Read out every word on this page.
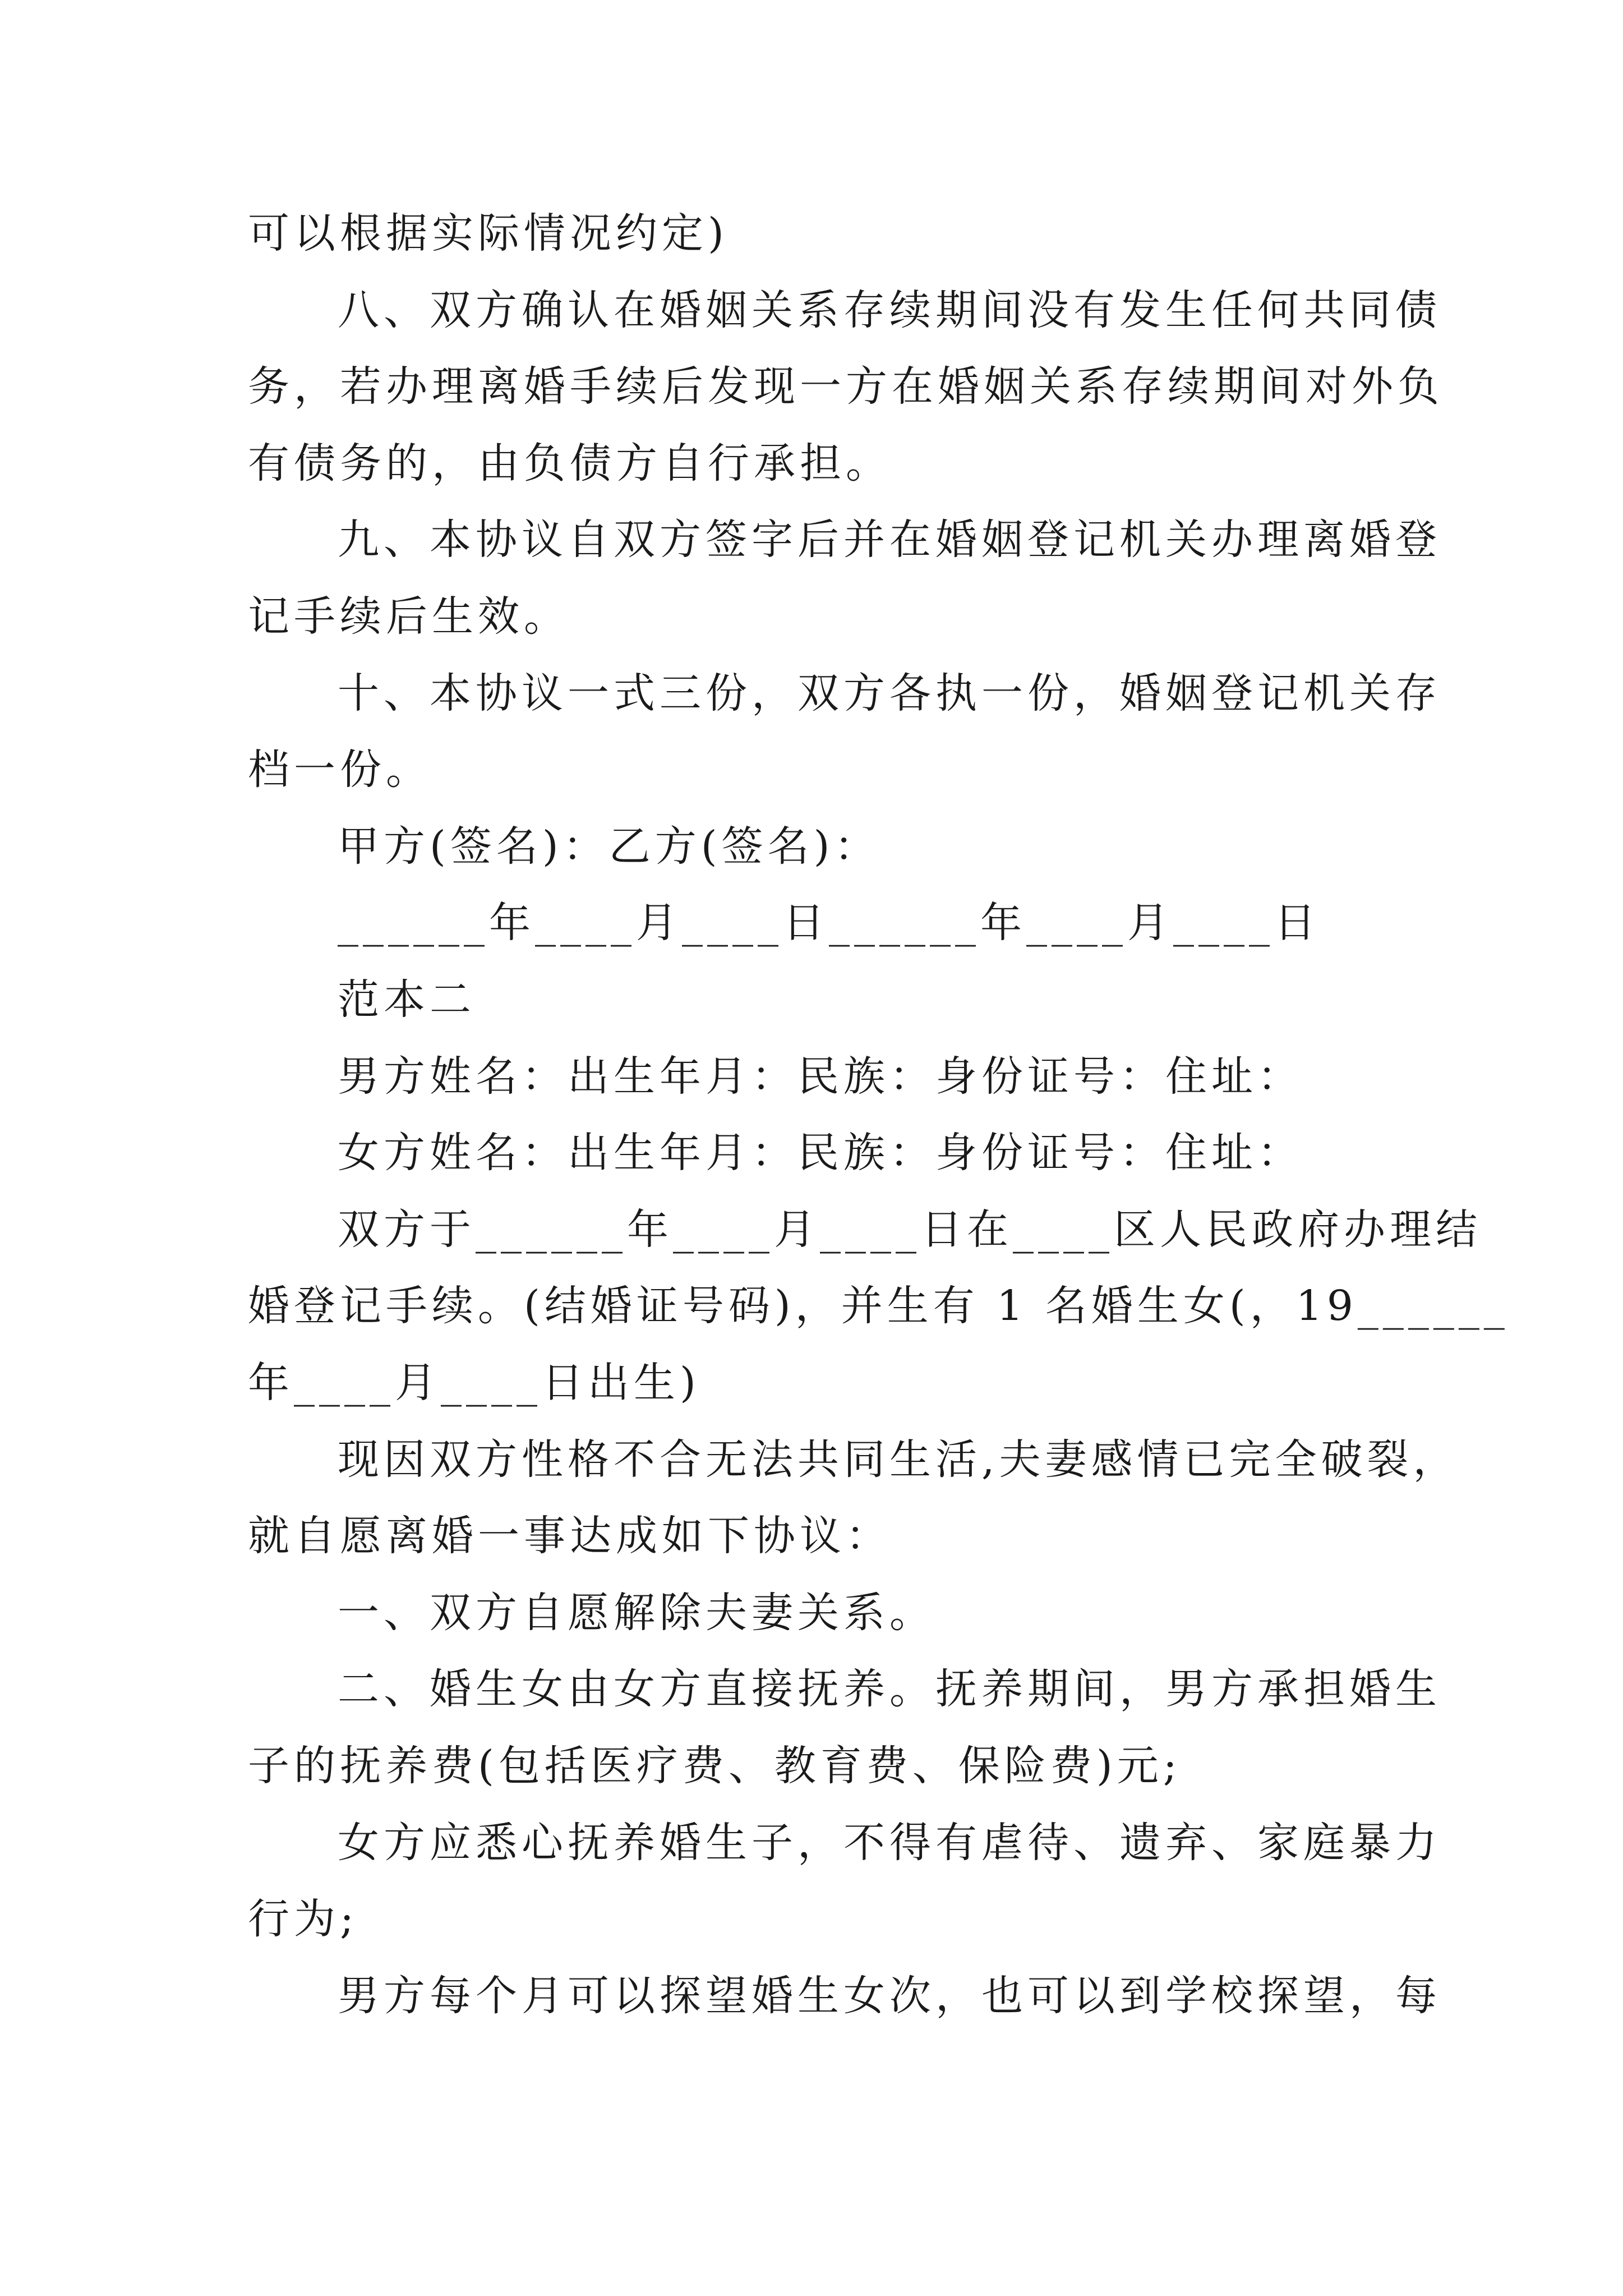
可以根据实际情况约定)
八、双方确认在婚姻关系存续期间没有发生任何共同债
务，若办理离婚手续后发现一方在婚姻关系存续期间对外负
有债务的，由负债方自行承担。
九、本协议自双方签字后并在婚姻登记机关办理离婚登
记手续后生效。
十、本协议一式三份，双方各执一份，婚姻登记机关存
档一份。
甲方(签名)：乙方(签名)：
______年____月____日______年____月____日
范本二
男方姓名：出生年月：民族：身份证号：住址：
女方姓名：出生年月：民族：身份证号：住址：
双方于______年____月____日在____区人民政府办理结
婚登记手续。(结婚证号码)，并生有 1 名婚生女(，19______
年____月____日出生)
现因双方性格不合无法共同生活,夫妻感情已完全破裂，
就自愿离婚一事达成如下协议：
一、双方自愿解除夫妻关系。
二、婚生女由女方直接抚养。抚养期间，男方承担婚生
子的抚养费(包括医疗费、教育费、保险费)元;
女方应悉心抚养婚生子，不得有虐待、遗弃、家庭暴力
行为;
男方每个月可以探望婚生女次，也可以到学校探望，每
